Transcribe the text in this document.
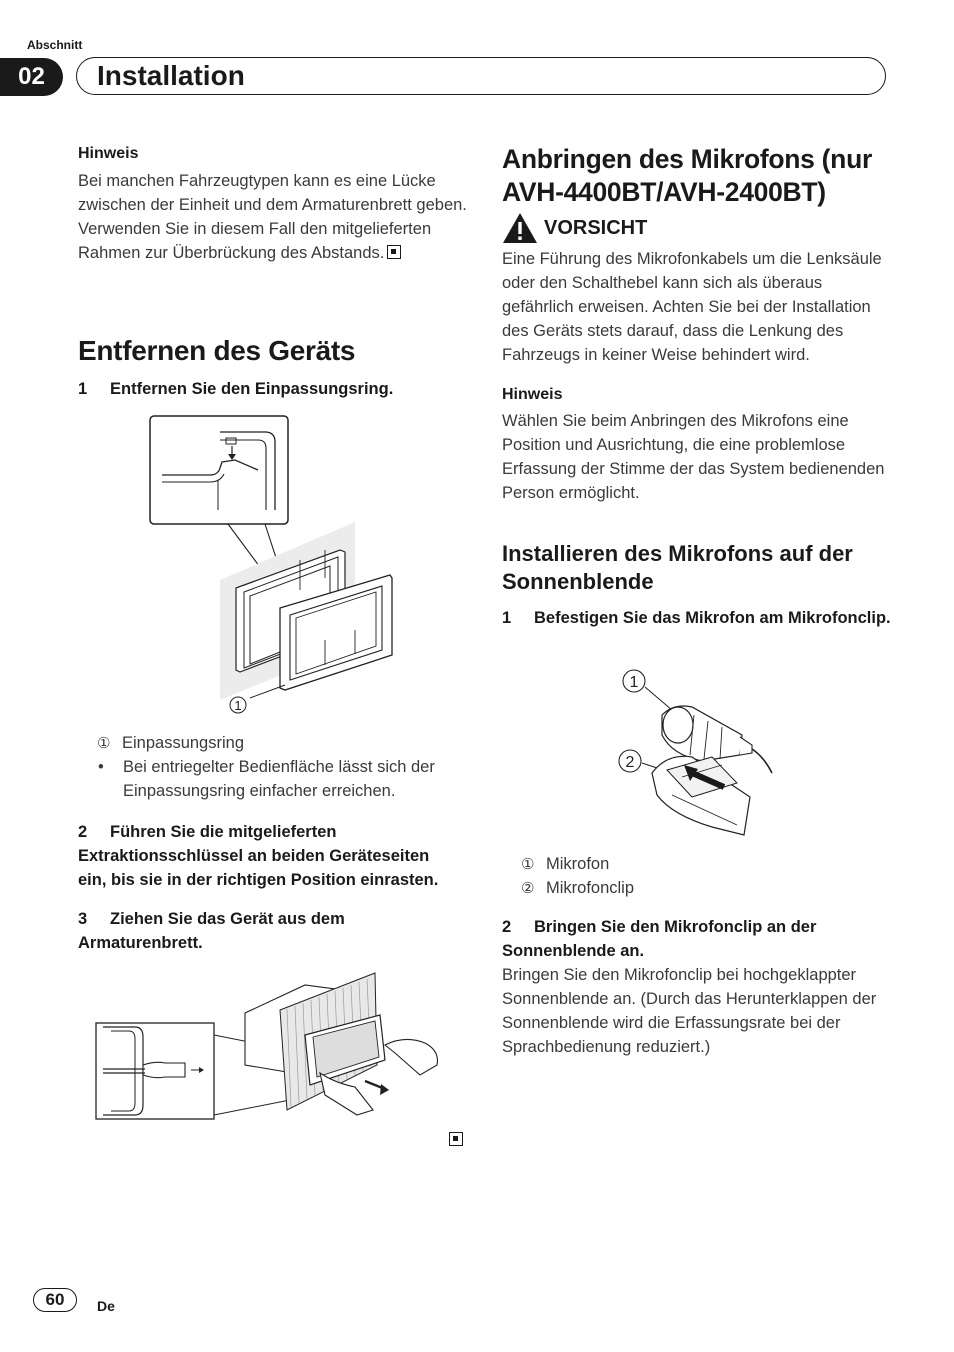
Abschnitt
02	Installation
Hinweis
Bei manchen Fahrzeugtypen kann es eine Lücke zwischen der Einheit und dem Armaturenbrett geben. Verwenden Sie in diesem Fall den mitgelieferten Rahmen zur Überbrückung des Abstands.
Entfernen des Geräts
1 Entfernen Sie den Einpassungsring.
1
① Einpassungsring
•	Bei entriegelter Bedienfläche lässt sich der Einpassungsring einfacher erreichen.
2 Führen Sie die mitgelieferten Extraktionsschlüssel an beiden Geräteseiten ein, bis sie in der richtigen Position einrasten.
3 Ziehen Sie das Gerät aus dem Armaturenbrett.
Anbringen des Mikrofons (nur AVH-4400BT/AVH-2400BT)
VORSICHT
Eine Führung des Mikrofonkabels um die Lenksäule oder den Schalthebel kann sich als überaus gefährlich erweisen. Achten Sie bei der Installation des Geräts stets darauf, dass die Lenkung des Fahrzeugs in keiner Weise behindert wird.
Hinweis
Wählen Sie beim Anbringen des Mikrofons eine Position und Ausrichtung, die eine problemlose Erfassung der Stimme der das System bedienenden Person ermöglicht.
Installieren des Mikrofons auf der Sonnenblende
1 Befestigen Sie das Mikrofon am Mikrofonclip.
1
2
① Mikrofon
② Mikrofonclip
2 Bringen Sie den Mikrofonclip an der Sonnenblende an.
Bringen Sie den Mikrofonclip bei hochgeklappter Sonnenblende an. (Durch das Herunterklappen der Sonnenblende wird die Erfassungsrate bei der Sprachbedienung reduziert.)
60	De
